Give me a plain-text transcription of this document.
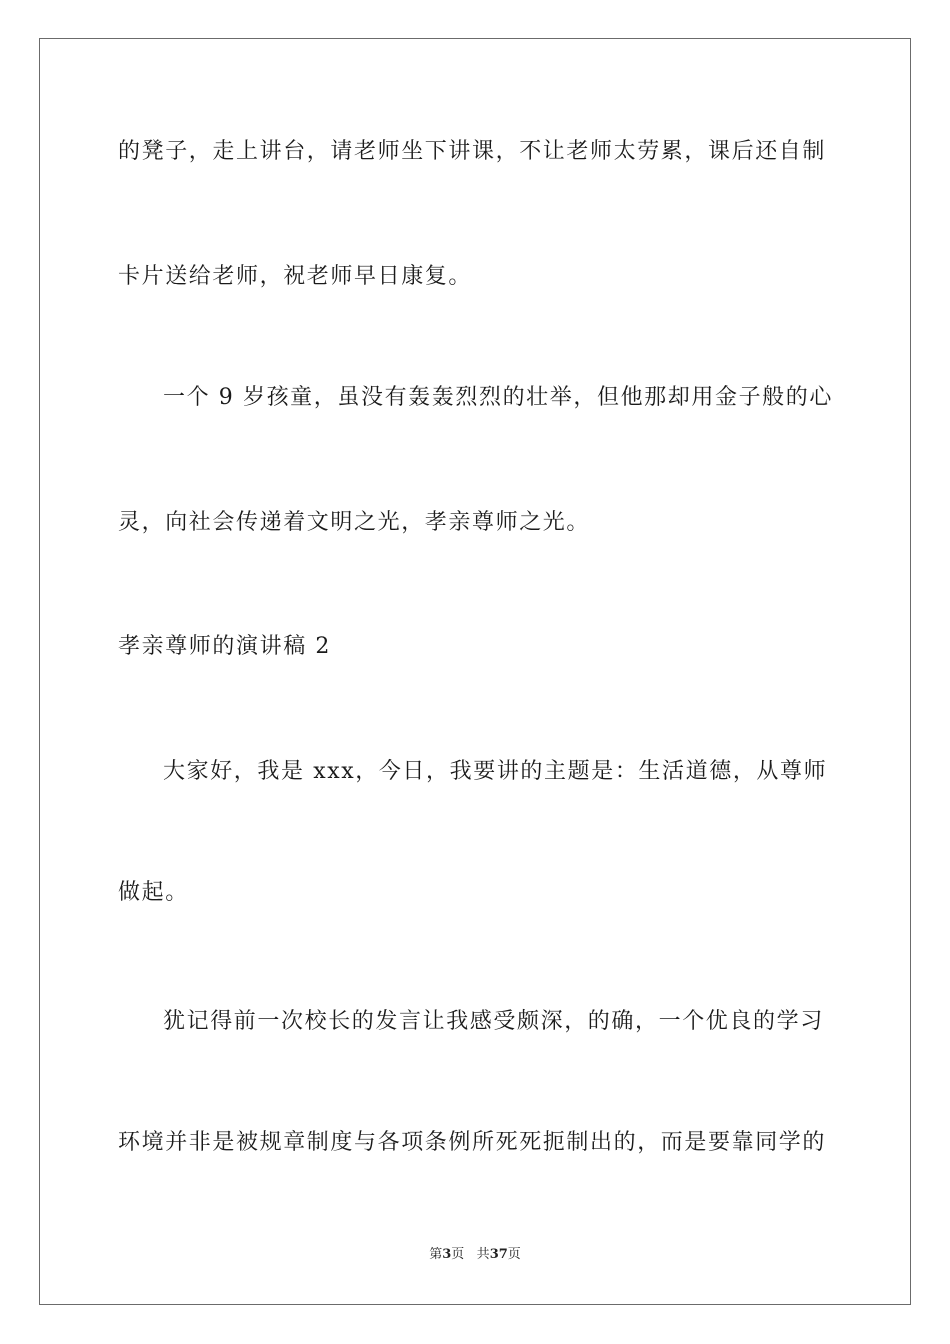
的凳子，走上讲台，请老师坐下讲课，不让老师太劳累，课后还自制
卡片送给老师，祝老师早日康复。
一个 9 岁孩童，虽没有轰轰烈烈的壮举，但他那却用金子般的心
灵，向社会传递着文明之光，孝亲尊师之光。
孝亲尊师的演讲稿 2
大家好，我是 xxx，今日，我要讲的主题是：生活道德，从尊师
做起。
犹记得前一次校长的发言让我感受颇深，的确，一个优良的学习
环境并非是被规章制度与各项条例所死死扼制出的，而是要靠同学的
第3页 共37页
